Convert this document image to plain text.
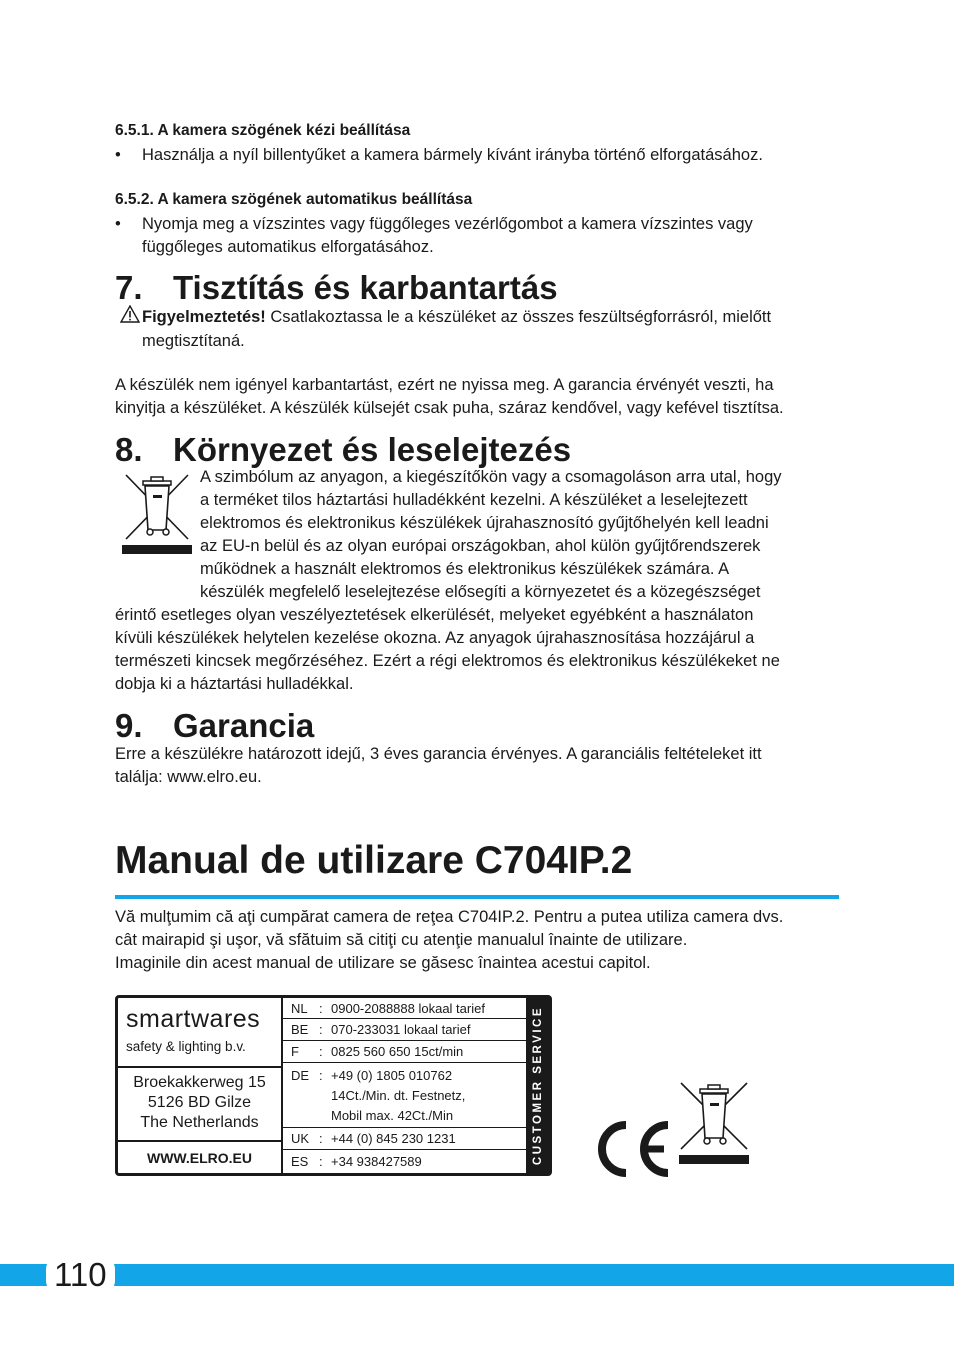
6.5.1. A kamera szögének kézi beállítása
•	Használja a nyíl billentyűket a kamera bármely kívánt irányba történő elforgatásához.
6.5.2. A kamera szögének automatikus beállítása
•	Nyomja meg a vízszintes vagy függőleges vezérlőgombot a kamera vízszintes vagy
függőleges automatikus elforgatásához.
7. Tisztítás és karbantartás
Figyelmeztetés! Csatlakoztassa le a készüléket az összes feszültségforrásról, mielőtt
megtisztítaná.
A készülék nem igényel karbantartást, ezért ne nyissa meg. A garancia érvényét veszti, ha
kinyitja a készüléket. A készülék külsejét csak puha, száraz kendővel, vagy kefével tisztítsa.
8. Környezet és leselejtezés
A szimbólum az anyagon, a kiegészítőkön vagy a csomagoláson arra utal, hogy
a terméket tilos háztartási hulladékként kezelni. A készüléket a leselejtezett
elektromos és elektronikus készülékek újrahasznosító gyűjtőhelyén kell leadni
az EU-n belül és az olyan európai országokban, ahol külön gyűjtőrendszerek
működnek a használt elektromos és elektronikus készülékek számára. A
készülék megfelelő leselejtezése elősegíti a környezetet és a közegészséget
érintő esetleges olyan veszélyeztetések elkerülését, melyeket egyébként a használaton
kívüli készülékek helytelen kezelése okozna. Az anyagok újrahasznosítása hozzájárul a
természeti kincsek megőrzéséhez. Ezért a régi elektromos és elektronikus készülékeket ne
dobja ki a háztartási hulladékkal.
9. Garancia
Erre a készülékre határozott idejű, 3 éves garancia érvényes. A garanciális feltételeket itt
találja: www.elro.eu.
Manual de utilizare C704IP.2
Vă mulţumim că aţi cumpărat camera de reţea C704IP.2. Pentru a putea utiliza camera dvs.
cât mairapid şi uşor, vă sfătuim să citiţi cu atenţie manualul înainte de utilizare.
Imaginile din acest manual de utilizare se găsesc înaintea acestui capitol.
smartwares
safety & lighting b.v.
Broekakkerweg 15
5126 BD Gilze
The Netherlands
WWW.ELRO.EU
NL : 0900-2088888 lokaal tarief
BE : 070-233031 lokaal tarief
F	: 0825 560 650 15ct/min
DE : +49 (0) 1805 010762
14Ct./Min. dt. Festnetz,
Mobil max. 42Ct./Min
UK : +44 (0) 845 230 1231
ES : +34 938427589	CUSTOMER SERVICE
110
